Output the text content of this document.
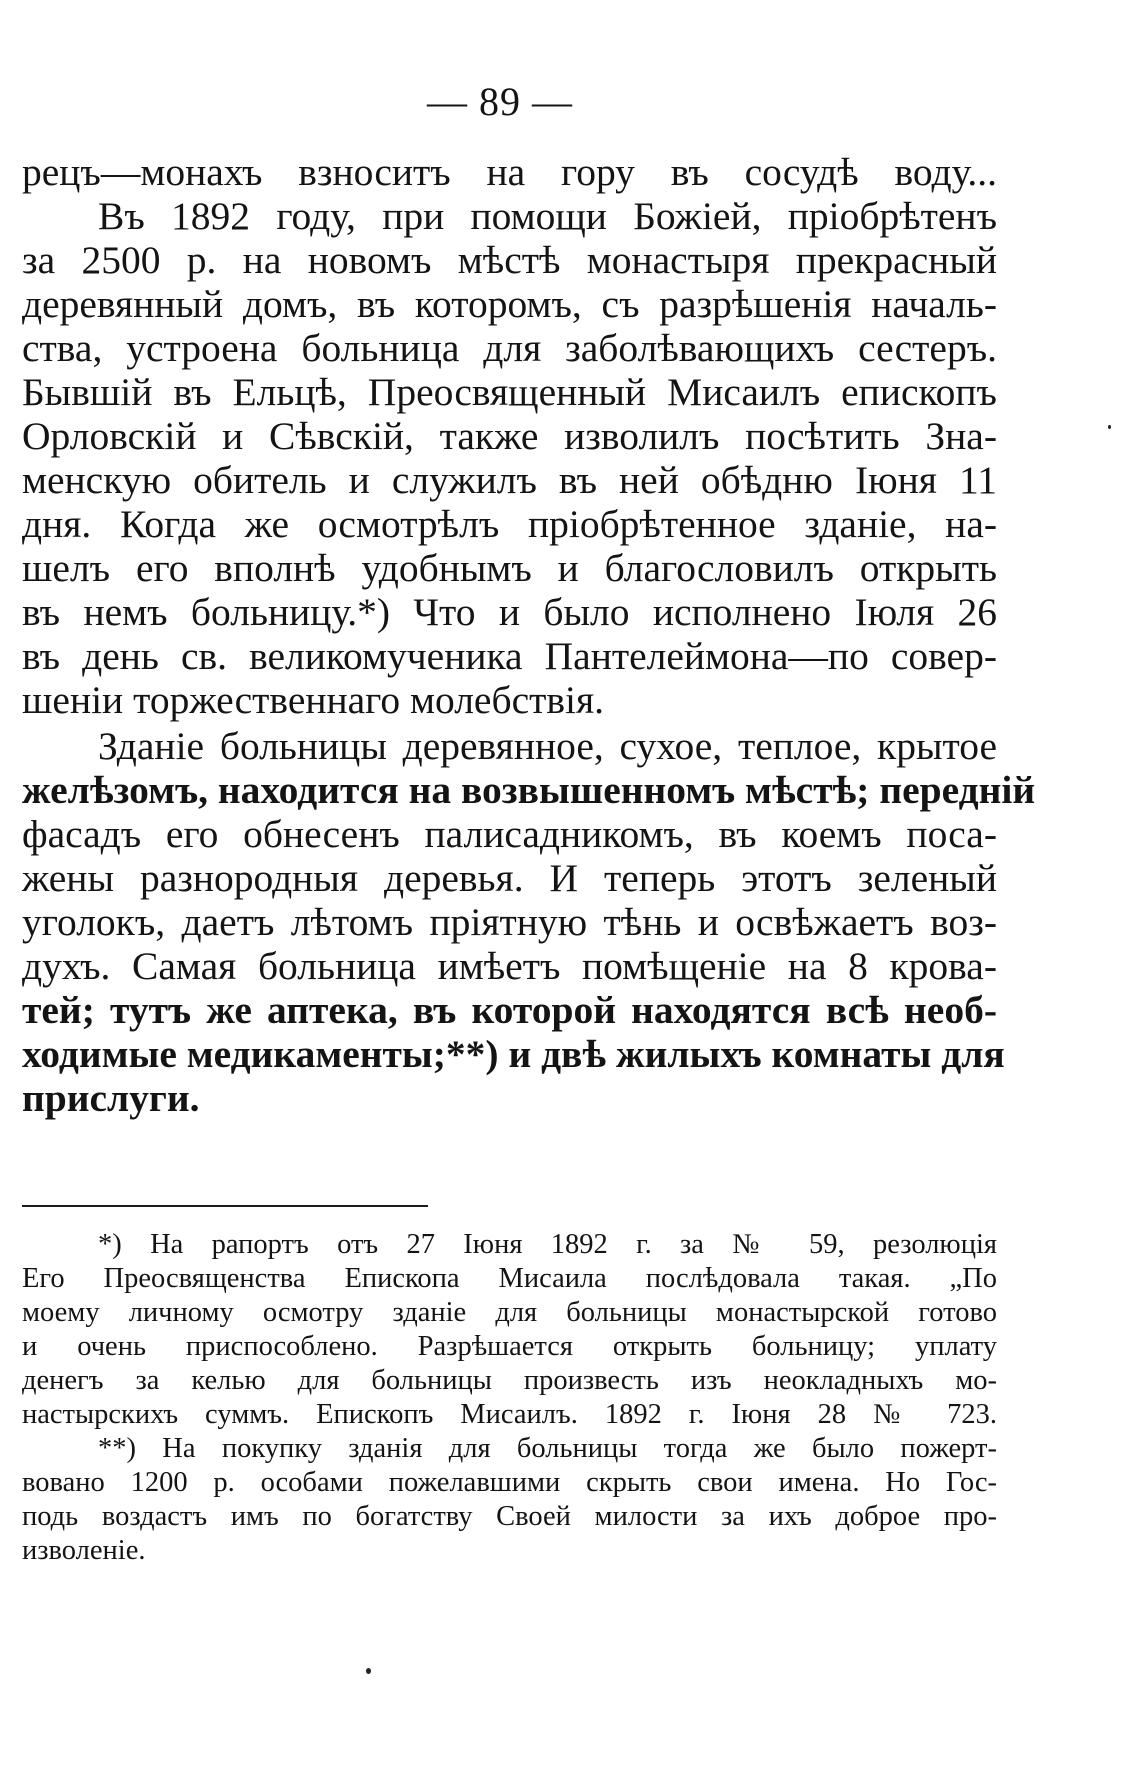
— 89 —
рецъ—монахъ взноситъ на гору въ сосудѣ воду...
Въ 1892 году, при помощи Божіей, пріобрѣтенъ
за 2500 р. на новомъ мѣстѣ монастыря прекрасный
деревянный домъ, въ которомъ, съ разрѣшенія началь-
ства, устроена больница для заболѣвающихъ сестеръ.
Бывшій въ Ельцѣ, Преосвященный Мисаилъ епископъ
Орловскій и Сѣвскій, также изволилъ посѣтить Зна-
менскую обитель и служилъ въ ней обѣдню Іюня 11
дня. Когда же осмотрѣлъ пріобрѣтенное зданіе, на-
шелъ его вполнѣ удобнымъ и благословилъ открыть
въ немъ больницу.*) Что и было исполнено Іюля 26
въ день св. великомученика Пантелеймона—по совер-
шеніи торжественнаго молебствія.
Зданіе больницы деревянное, сухое, теплое, крытое
желѣзомъ, находится на возвышенномъ мѣстѣ; передній
фасадъ его обнесенъ палисадникомъ, въ коемъ поса-
жены разнородныя деревья. И теперь этотъ зеленый
уголокъ, даетъ лѣтомъ пріятную тѣнь и освѣжаетъ воз-
духъ. Самая больница имѣетъ помѣщеніе на 8 крова-
тей; тутъ же аптека, въ которой находятся всѣ необ-
ходимые медикаменты;**) и двѣ жилыхъ комнаты для
прислуги.
*) На рапортъ отъ 27 Іюня 1892 г. за № 59, резолюція
Его Преосвященства Епископа Мисаила послѣдовала такая. „По
моему личному осмотру зданіе для больницы монастырской готово
и очень приспособлено. Разрѣшается открыть больницу; уплату
денегъ за келью для больницы произвесть изъ неокладныхъ мо-
настырскихъ суммъ. Епископъ Мисаилъ. 1892 г. Іюня 28 № 723.
**) На покупку зданія для больницы тогда же было пожерт-
вовано 1200 р. особами пожелавшими скрыть свои имена. Но Гос-
подь воздастъ имъ по богатству Своей милости за ихъ доброе про-
изволеніе.
